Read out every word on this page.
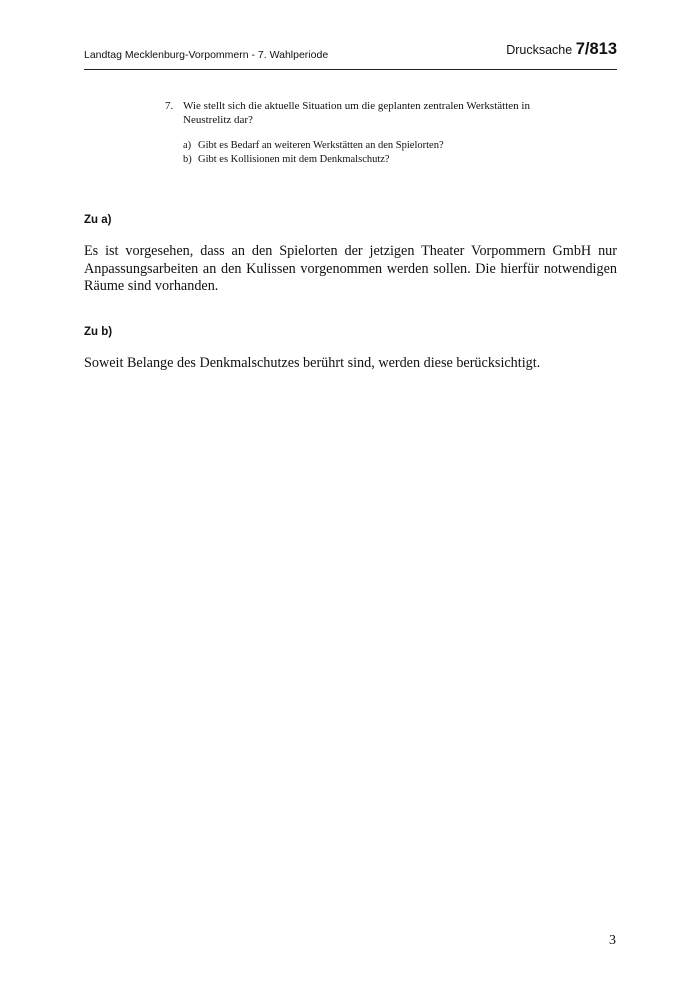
Landtag Mecklenburg-Vorpommern - 7. Wahlperiode	Drucksache 7/813
7. Wie stellt sich die aktuelle Situation um die geplanten zentralen Werkstätten in Neustrelitz dar?
a) Gibt es Bedarf an weiteren Werkstätten an den Spielorten?
b) Gibt es Kollisionen mit dem Denkmalschutz?
Zu a)
Es ist vorgesehen, dass an den Spielorten der jetzigen Theater Vorpommern GmbH nur Anpassungsarbeiten an den Kulissen vorgenommen werden sollen. Die hierfür notwendigen Räume sind vorhanden.
Zu b)
Soweit Belange des Denkmalschutzes berührt sind, werden diese berücksichtigt.
3
